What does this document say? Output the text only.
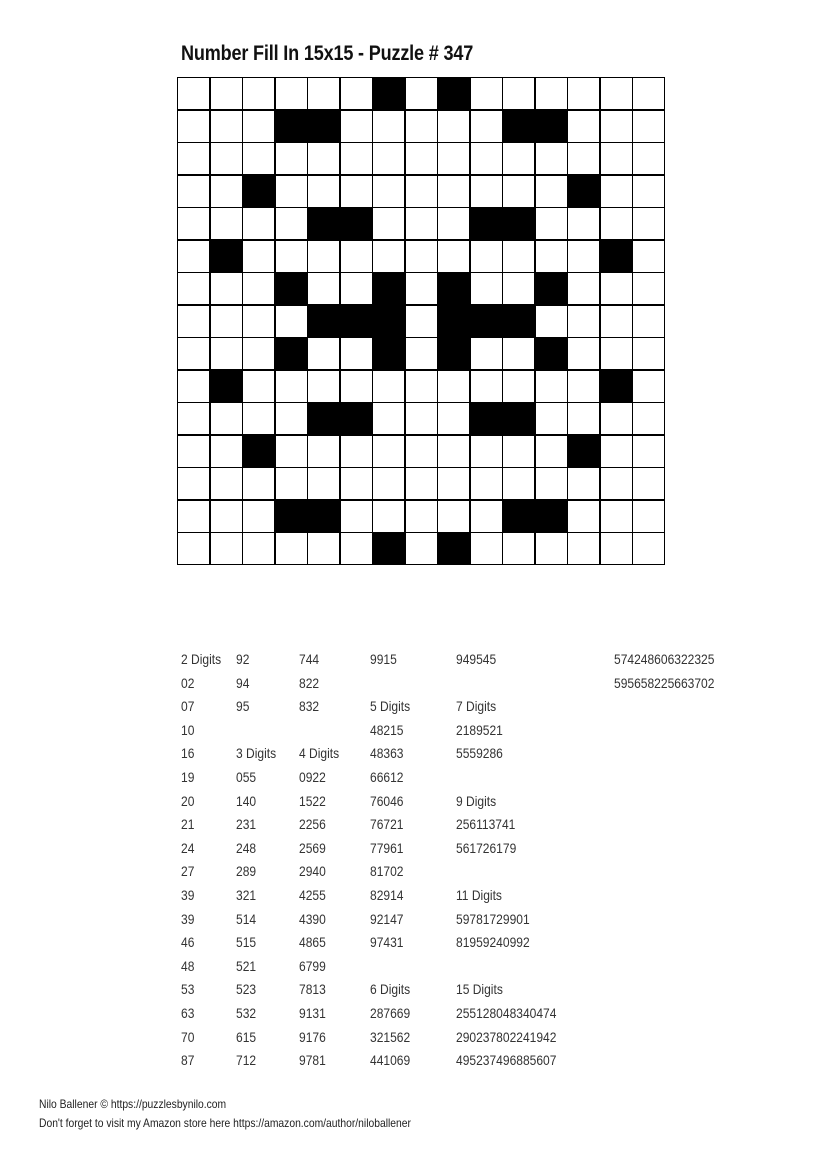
Number Fill In 15x15 - Puzzle # 347
2 Digits
02
07
10
16
19
20
21
24
27
39
39
46
48
53
63
70
87
92
94
95
3 Digits
055
140
231
248
289
321
514
515
521
523
532
615
712
744
822
832
4 Digits
0922
1522
2256
2569
2940
4255
4390
4865
6799
7813
9131
9176
9781
9915
5 Digits
48215
48363
66612
76046
76721
77961
81702
82914
92147
97431
6 Digits
287669
321562
441069
949545
7 Digits
2189521
5559286
9 Digits
256113741
561726179
11 Digits
59781729901
81959240992
15 Digits
255128048340474
290237802241942
495237496885607
574248606322325
595658225663702
Nilo Ballener © https://puzzlesbynilo.com
Don't forget to visit my Amazon store here https://amazon.com/author/niloballener
